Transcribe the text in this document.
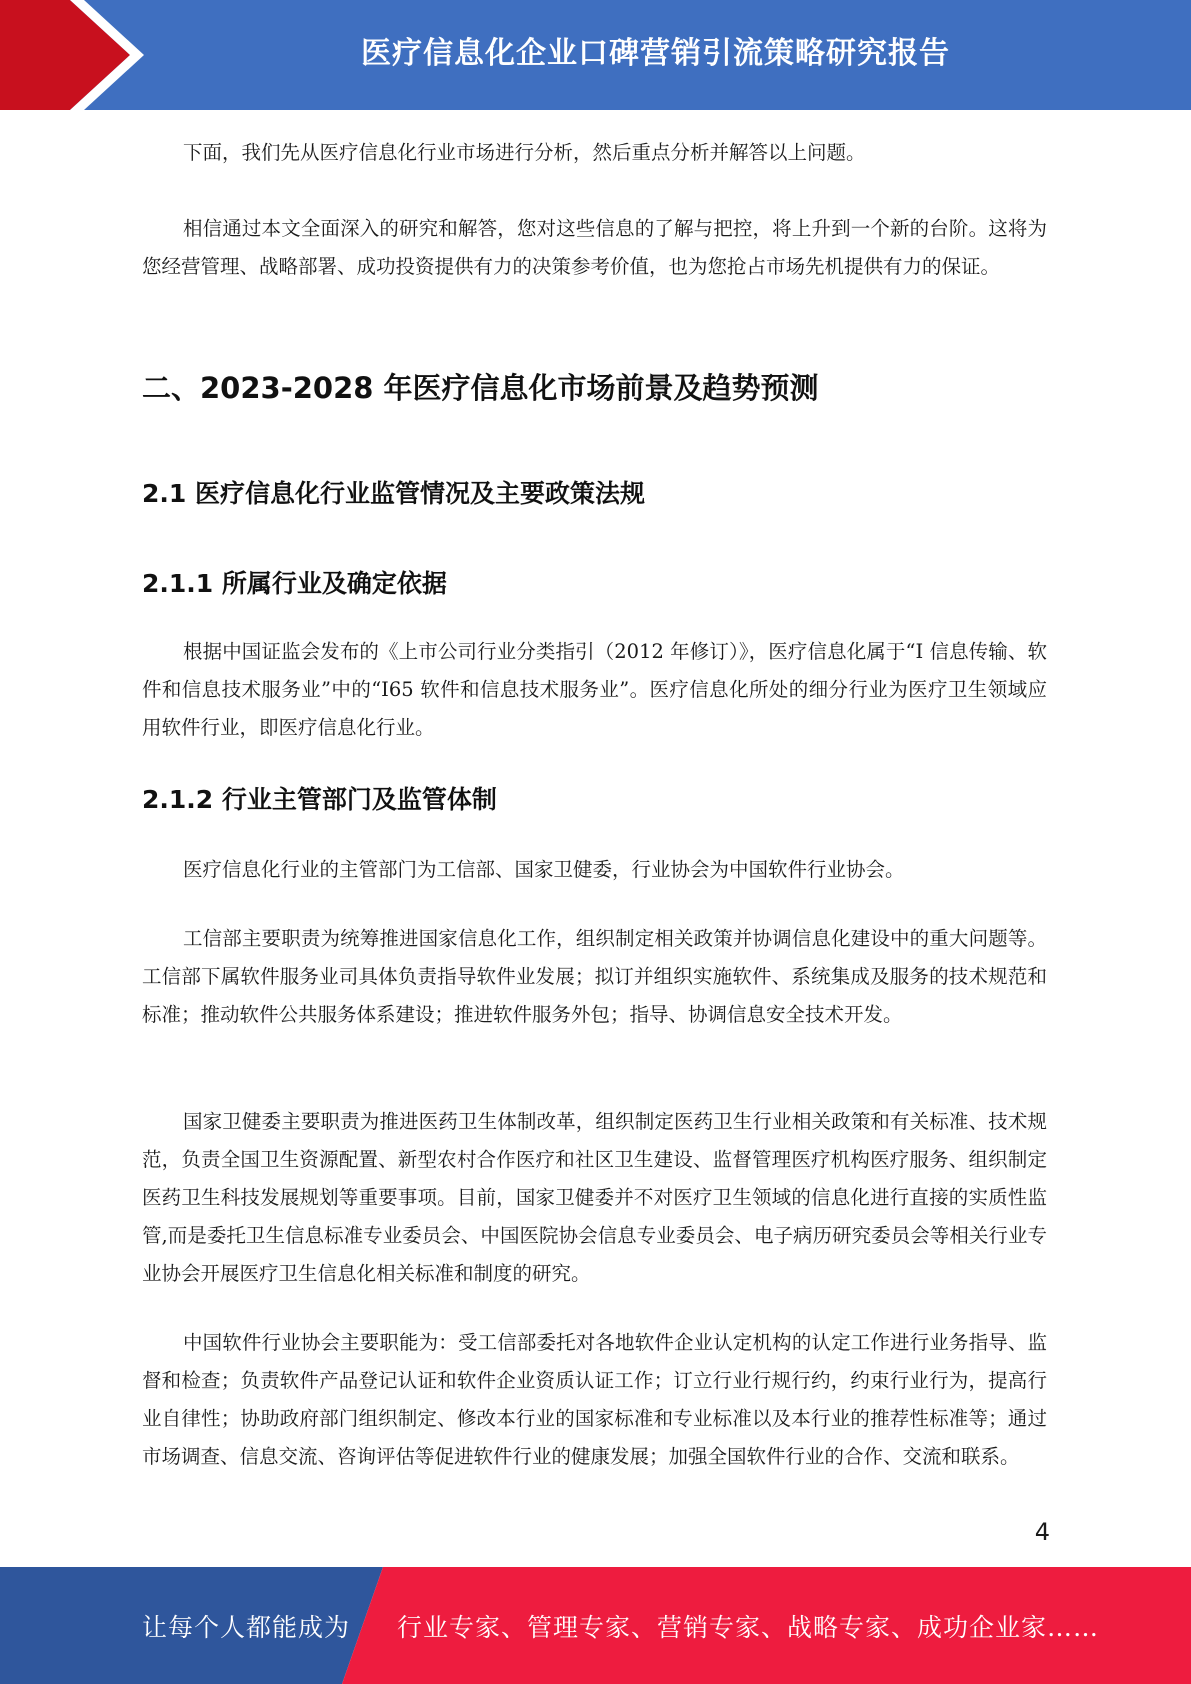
医疗信息化企业口碑营销引流策略研究报告
下面，我们先从医疗信息化行业市场进行分析，然后重点分析并解答以上问题。
相信通过本文全面深入的研究和解答，您对这些信息的了解与把控，将上升到一个新的台阶。这将为您经营管理、战略部署、成功投资提供有力的决策参考价值，也为您抢占市场先机提供有力的保证。
二、2023-2028 年医疗信息化市场前景及趋势预测
2.1 医疗信息化行业监管情况及主要政策法规
2.1.1 所属行业及确定依据
根据中国证监会发布的《上市公司行业分类指引（2012 年修订）》，医疗信息化属于“I 信息传输、软件和信息技术服务业”中的“I65 软件和信息技术服务业”。医疗信息化所处的细分行业为医疗卫生领域应用软件行业，即医疗信息化行业。
2.1.2 行业主管部门及监管体制
医疗信息化行业的主管部门为工信部、国家卫健委，行业协会为中国软件行业协会。
工信部主要职责为统筹推进国家信息化工作，组织制定相关政策并协调信息化建设中的重大问题等。工信部下属软件服务业司具体负责指导软件业发展；拟订并组织实施软件、系统集成及服务的技术规范和标准；推动软件公共服务体系建设；推进软件服务外包；指导、协调信息安全技术开发。
国家卫健委主要职责为推进医药卫生体制改革，组织制定医药卫生行业相关政策和有关标准、技术规范，负责全国卫生资源配置、新型农村合作医疗和社区卫生建设、监督管理医疗机构医疗服务、组织制定医药卫生科技发展规划等重要事项。目前，国家卫健委并不对医疗卫生领域的信息化进行直接的实质性监管,而是委托卫生信息标准专业委员会、中国医院协会信息专业委员会、电子病历研究委员会等相关行业专业协会开展医疗卫生信息化相关标准和制度的研究。
中国软件行业协会主要职能为：受工信部委托对各地软件企业认定机构的认定工作进行业务指导、监督和检查；负责软件产品登记认证和软件企业资质认证工作；订立行业行规行约，约束行业行为，提高行业自律性；协助政府部门组织制定、修改本行业的国家标准和专业标准以及本行业的推荐性标准等；通过市场调查、信息交流、咨询评估等促进软件行业的健康发展；加强全国软件行业的合作、交流和联系。
4
让每个人都能成为 行业专家、管理专家、营销专家、战略专家、成功企业家……
